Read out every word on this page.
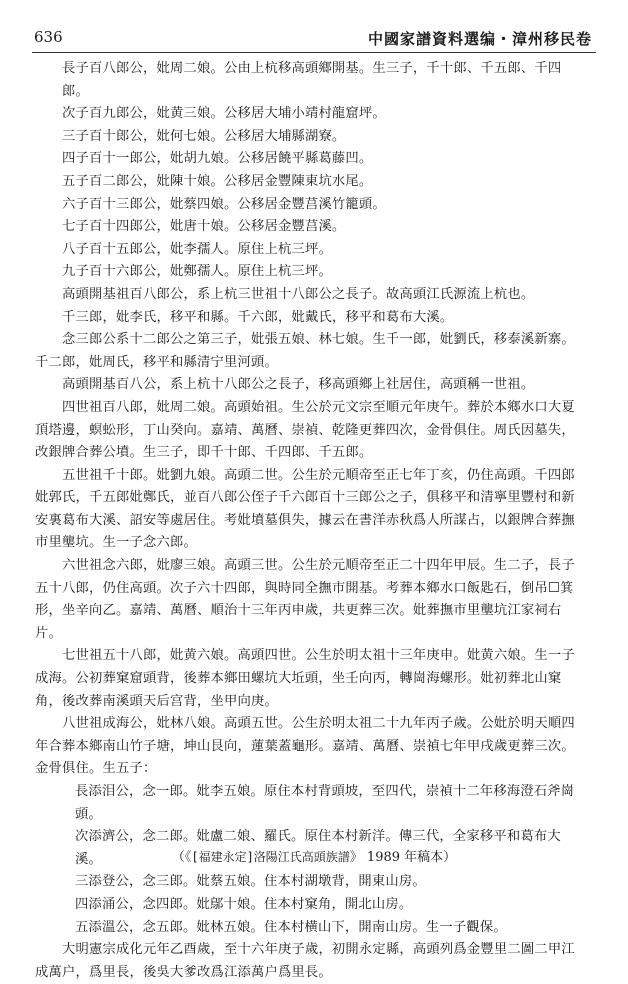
636	中國家譜資料選编・漳州移民卷

長子百八郎公，妣周二娘。公由上杭移高頭鄉開基。生三子，千十郎、千五郎、千四郎。

次子百九郎公，妣黄三娘。公移居大埔小靖村龍窟坪。

三子百十郎公，妣何七娘。公移居大埔縣湖寮。

四子百十一郎公，妣胡九娘。公移居饒平縣葛藤凹。

五子百二郎公，妣陳十娘。公移居金豐陳東坑水尾。

六子百十三郎公，妣蔡四娘。公移居金豐莒溪竹籠頭。

七子百十四郎公，妣唐十娘。公移居金豐莒溪。

八子百十五郎公，妣李孺人。原住上杭三坪。

九子百十六郎公，妣鄭孺人。原住上杭三坪。

高頭開基祖百八郎公，系上杭三世祖十八郎公之長子。故高頭江氏源流上杭也。

千三郎，妣李氏，移平和縣。千六郎，妣戴氏，移平和葛布大溪。

念三郎公系十二郎公之第三子，妣張五娘、林七娘。生千一郎，妣劉氏，移泰溪新寨。千二郎，妣周氏，移平和縣清宁里河頭。

高頭開基百八公，系上杭十八郎公之長子，移高頭鄉上社居住，高頭稱一世祖。

四世祖百八郎，妣周二娘。高頭始祖。生公於元文宗至順元年庚午。葬於本鄉水口大夏頂塔邊，螟蚣形，丁山癸向。嘉靖、萬曆、崇禎、乾隆更葬四次，金骨俱住。周氏因墓失，改銀牌合葬公墳。生三子，即千十郎、千四郎、千五郎。

五世祖千十郎。妣劉九娘。高頭二世。公生於元順帝至正七年丁亥，仍住高頭。千四郎妣郭氏，千五郎妣鄭氏，並百八郎公侄子千六郎百十三郎公之子，俱移平和清寧里豐村和新安裏葛布大溪、詔安等處居住。考妣墳墓俱失，據云在書洋赤秋爲人所謀占，以銀牌合葬撫市里壟坑。生一子念六郎。

六世祖念六郎，妣廖三娘。高頭三世。公生於元順帝至正二十四年甲辰。生二子，長子五十八郎，仍住高頭。次子六十四郎，與時同全撫市開基。考葬本鄉水口飯匙石，倒吊☐箕形，坐辛向乙。嘉靖、萬曆、順治十三年丙申歲，共更葬三次。妣葬撫市里壟坑江家祠右片。

七世祖五十八郎，妣黄六娘。高頭四世。公生於明太祖十三年庚申。妣黄六娘。生一子成海。公初葬窠窟頭背，後葬本鄉田螺坑大坵頭，坐壬向丙，轉崗海螺形。妣初葬北山窠角，後改葬南溪頭天后宫背，坐甲向庚。

八世祖成海公，妣林八娘。高頭五世。公生於明太祖二十九年丙子歲。公妣於明天順四年合葬本鄉南山竹子塘，坤山艮向，蓮葉蓋龜形。嘉靖、萬曆、崇禎七年甲戌歲更葬三次。金骨俱住。生五子：

長添泪公，念一郎。妣李五娘。原住本村背頭坡，至四代，崇禎十二年移海澄石斧崗頭。

次添濟公，念二郎。妣盧二娘、羅氏。原住本村新洋。傳三代，全家移平和葛布大溪。

三添登公，念三郎。妣蔡五娘。住本村湖墩背，開東山房。

四添涌公，念四郎。妣鄔十娘。住本村窠角，開北山房。

五添溫公，念五郎。妣林五娘。住本村横山下，開南山房。生一子觀保。

大明憲宗成化元年乙酉歲，至十六年庚子歲，初開永定縣，高頭列爲金豐里二圖二甲江成萬户，爲里長，後吳大爹改爲江添萬户爲里長。

（《[福建永定]洛陽江氏高頭族譜》 1989 年稿本）
